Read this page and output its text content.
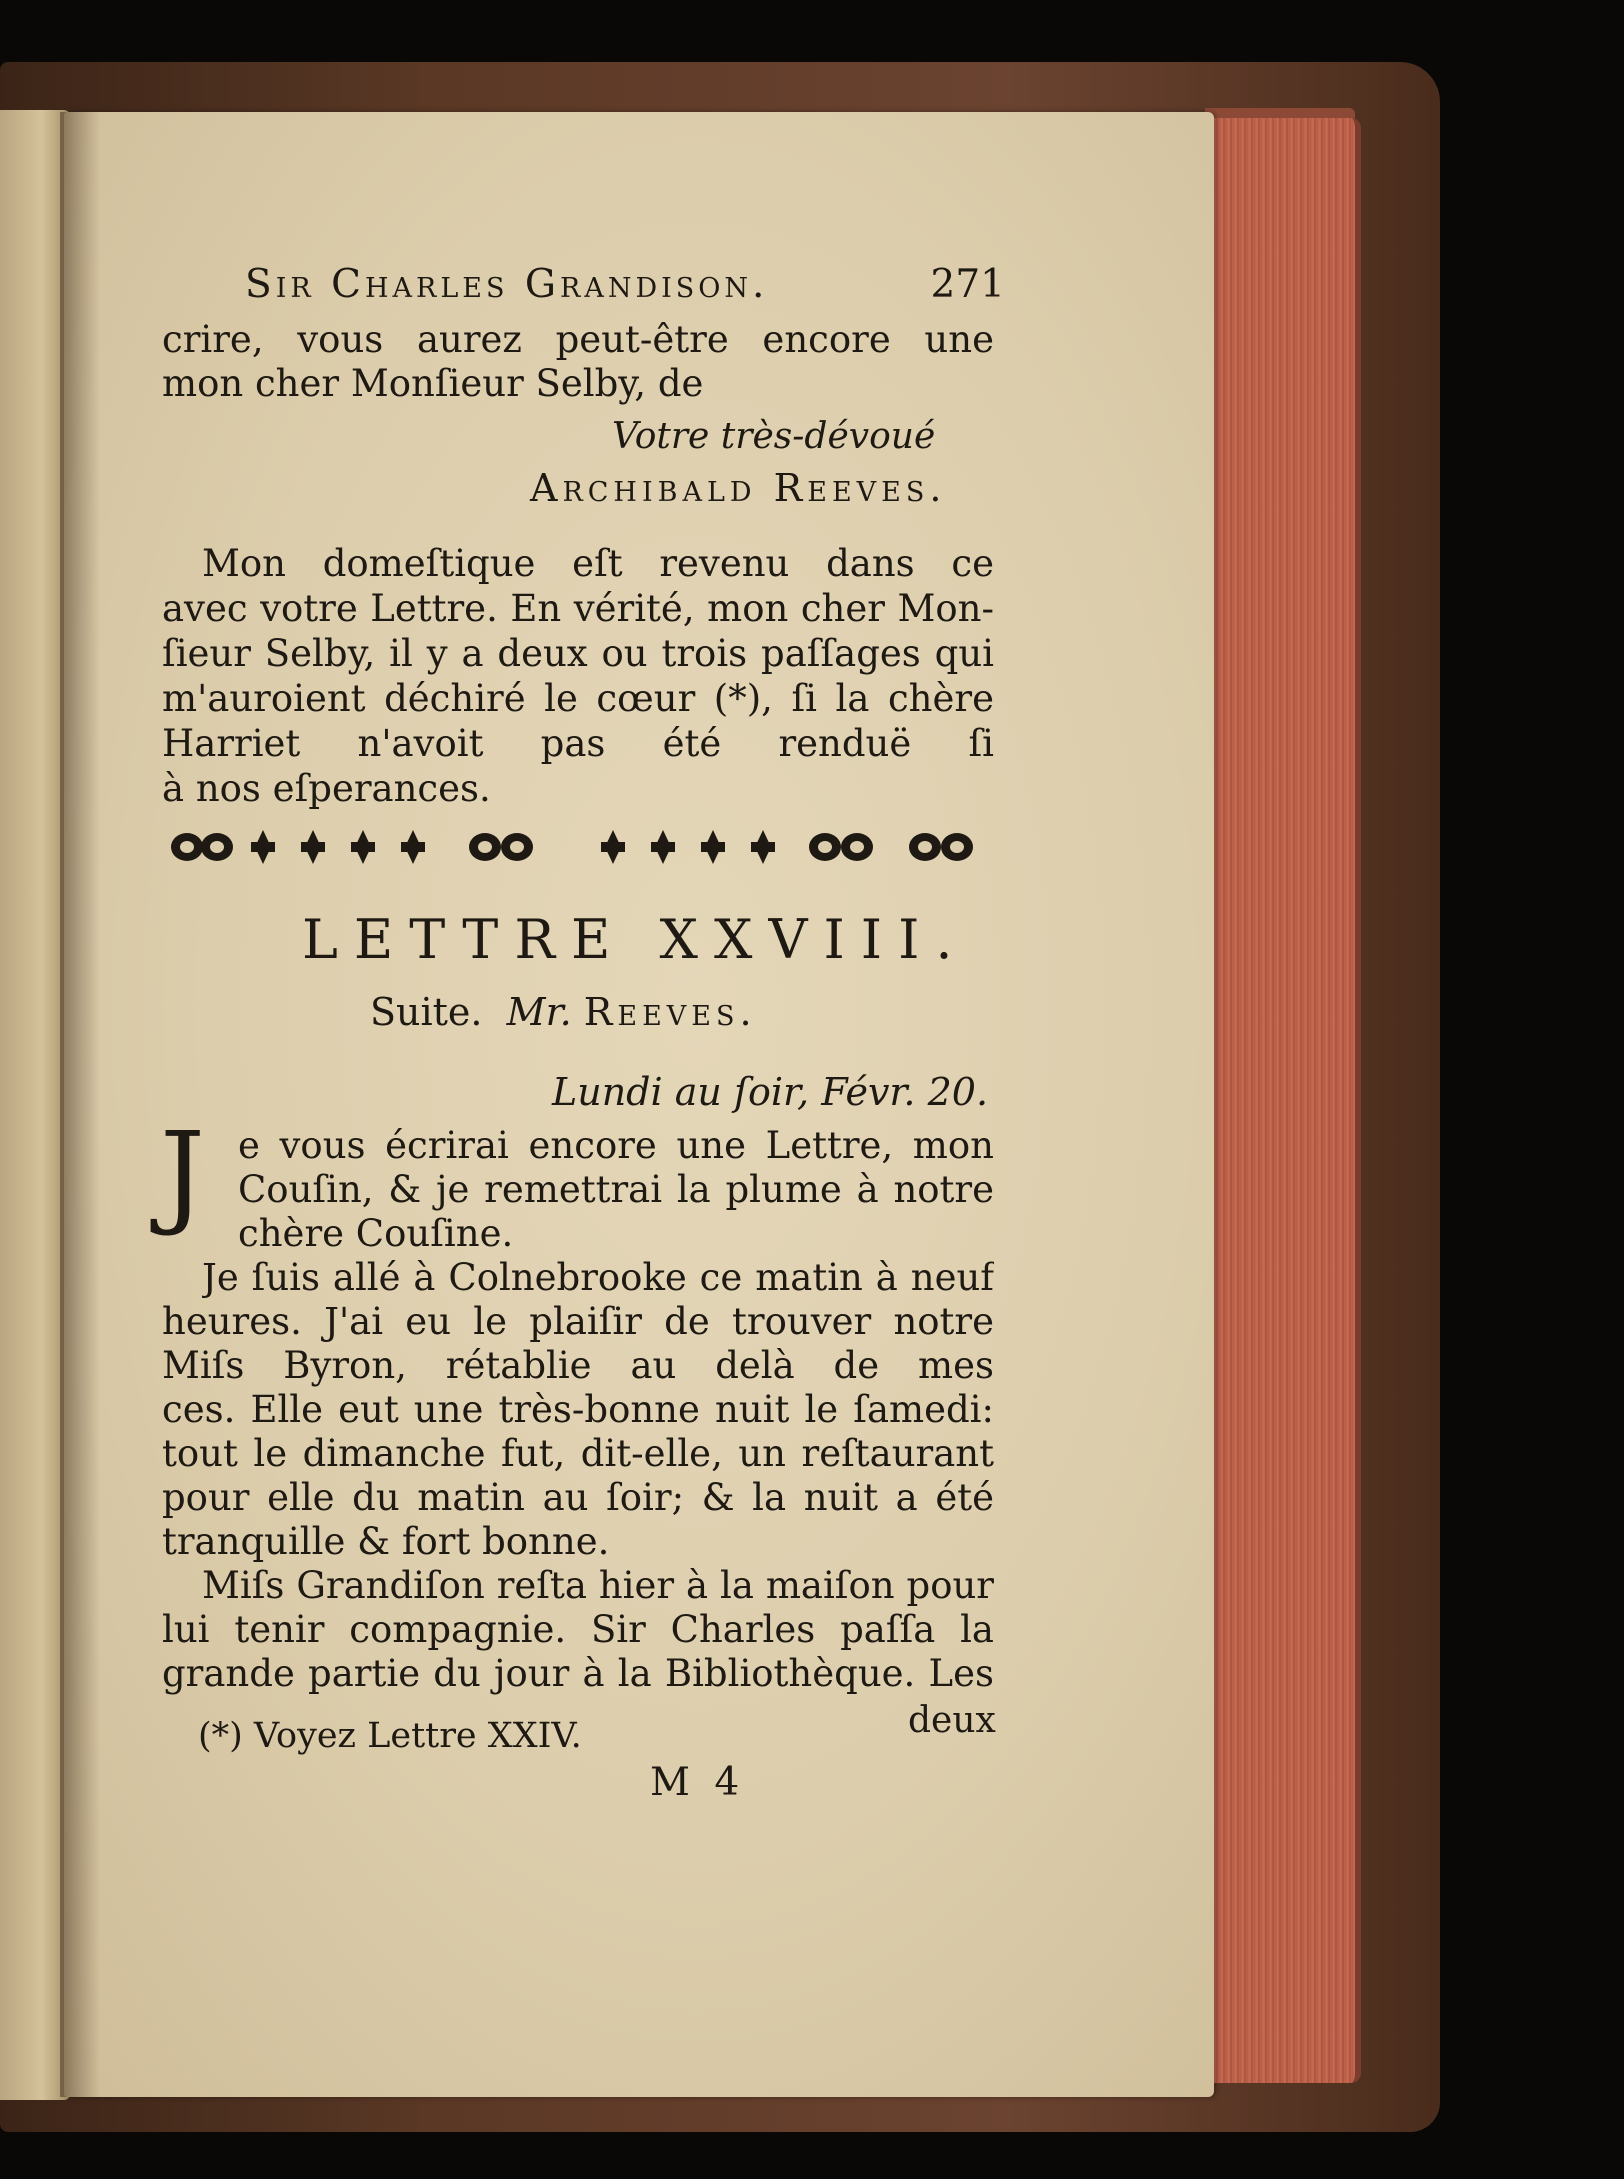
Sir Charles Grandison.	271

crire, vous aurez peut-être encore une

mon cher Monſieur Selby, de

Votre très-dévoué

Archibald Reeves.

Mon domeſtique eſt revenu dans ce

avec votre Lettre. En vérité, mon cher Mon-

ſieur Selby, il y a deux ou trois paſſages qui

m'auroient déchiré le cœur (*), ſi la chère

Harriet n'avoit pas été renduë ſi

à nos eſperances.

LETTRE XXVIII.

Suite. Mr. Reeves.

Lundi au ſoir, Févr. 20.

J e vous écrirai encore une Lettre, mon

Couſin, & je remettrai la plume à notre

chère Couſine.

Je ſuis allé à Colnebrooke ce matin à neuf

heures. J'ai eu le plaiſir de trouver notre

Miſs Byron, rétablie au delà de mes

ces. Elle eut une très-bonne nuit le ſamedi:

tout le dimanche fut, dit-elle, un reſtaurant

pour elle du matin au ſoir; & la nuit a été

tranquille & fort bonne.

Miſs Grandiſon reſta hier à la maiſon pour

lui tenir compagnie. Sir Charles paſſa la

grande partie du jour à la Bibliothèque. Les

deux

(*) Voyez Lettre XXIV.

M 4
